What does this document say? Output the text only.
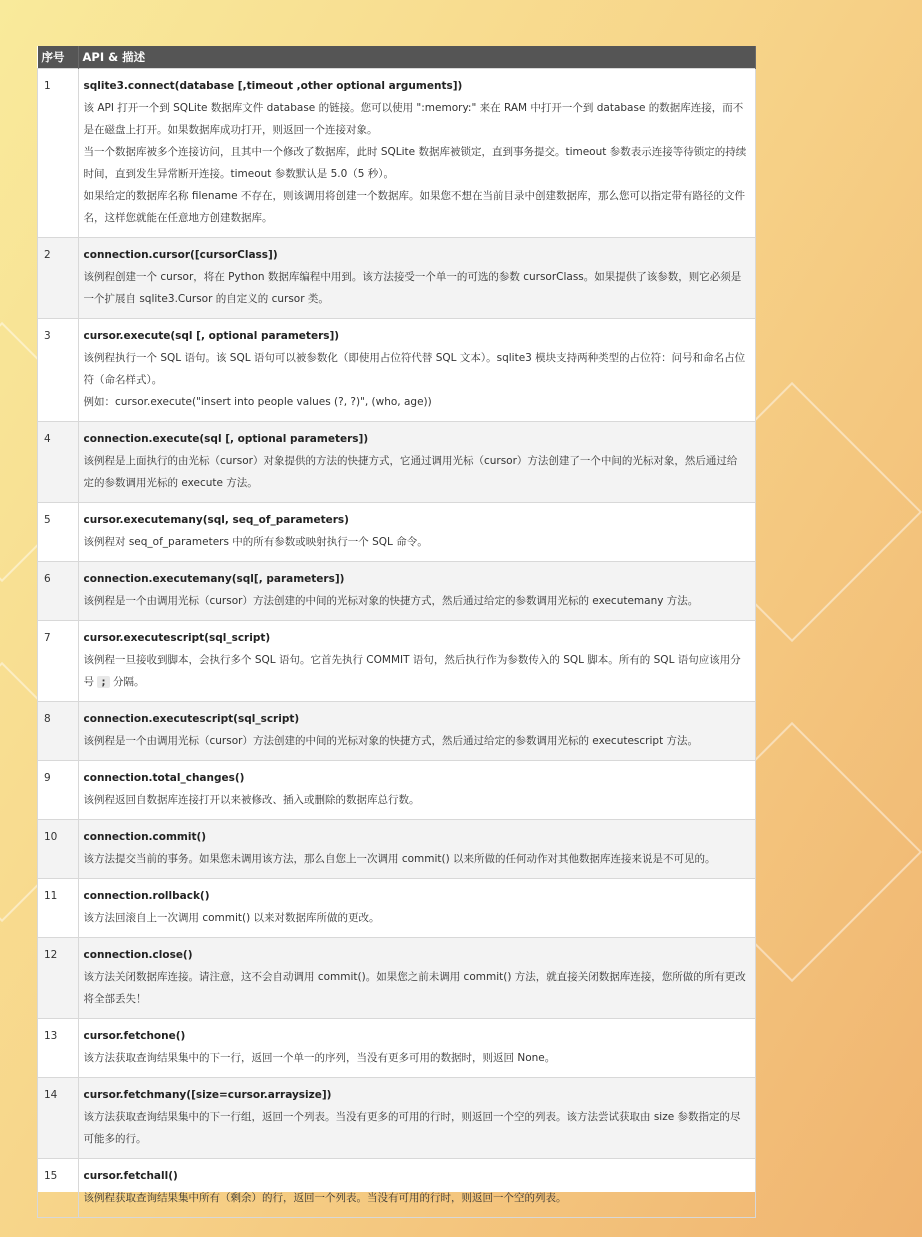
序号	API & 描述
1	sqlite3.connect(database [,timeout ,other optional arguments])
该 API 打开一个到 SQLite 数据库文件 database 的链接。您可以使用 ":memory:" 来在 RAM 中打开一个到 database 的数据库连接，而不是在磁盘上打开。如果数据库成功打开，则返回一个连接对象。
当一个数据库被多个连接访问，且其中一个修改了数据库，此时 SQLite 数据库被锁定，直到事务提交。timeout 参数表示连接等待锁定的持续时间，直到发生异常断开连接。timeout 参数默认是 5.0（5 秒）。
如果给定的数据库名称 filename 不存在，则该调用将创建一个数据库。如果您不想在当前目录中创建数据库，那么您可以指定带有路径的文件名，这样您就能在任意地方创建数据库。

2	connection.cursor([cursorClass])
该例程创建一个 cursor，将在 Python 数据库编程中用到。该方法接受一个单一的可选的参数 cursorClass。如果提供了该参数，则它必须是一个扩展自 sqlite3.Cursor 的自定义的 cursor 类。

3	cursor.execute(sql [, optional parameters])
该例程执行一个 SQL 语句。该 SQL 语句可以被参数化（即使用占位符代替 SQL 文本）。sqlite3 模块支持两种类型的占位符：问号和命名占位符（命名样式）。
例如：cursor.execute("insert into people values (?, ?)", (who, age))

4	connection.execute(sql [, optional parameters])
该例程是上面执行的由光标（cursor）对象提供的方法的快捷方式，它通过调用光标（cursor）方法创建了一个中间的光标对象，然后通过给定的参数调用光标的 execute 方法。

5	cursor.executemany(sql, seq_of_parameters)
该例程对 seq_of_parameters 中的所有参数或映射执行一个 SQL 命令。

6	connection.executemany(sql[, parameters])
该例程是一个由调用光标（cursor）方法创建的中间的光标对象的快捷方式，然后通过给定的参数调用光标的 executemany 方法。

7	cursor.executescript(sql_script)
该例程一旦接收到脚本，会执行多个 SQL 语句。它首先执行 COMMIT 语句，然后执行作为参数传入的 SQL 脚本。所有的 SQL 语句应该用分号 ; 分隔。

8	connection.executescript(sql_script)
该例程是一个由调用光标（cursor）方法创建的中间的光标对象的快捷方式，然后通过给定的参数调用光标的 executescript 方法。

9	connection.total_changes()
该例程返回自数据库连接打开以来被修改、插入或删除的数据库总行数。

10	connection.commit()
该方法提交当前的事务。如果您未调用该方法，那么自您上一次调用 commit() 以来所做的任何动作对其他数据库连接来说是不可见的。

11	connection.rollback()
该方法回滚自上一次调用 commit() 以来对数据库所做的更改。

12	connection.close()
该方法关闭数据库连接。请注意，这不会自动调用 commit()。如果您之前未调用 commit() 方法，就直接关闭数据库连接，您所做的所有更改将全部丢失！

13	cursor.fetchone()
该方法获取查询结果集中的下一行，返回一个单一的序列，当没有更多可用的数据时，则返回 None。

14	cursor.fetchmany([size=cursor.arraysize])
该方法获取查询结果集中的下一行组，返回一个列表。当没有更多的可用的行时，则返回一个空的列表。该方法尝试获取由 size 参数指定的尽可能多的行。

15	cursor.fetchall()
该例程获取查询结果集中所有（剩余）的行，返回一个列表。当没有可用的行时，则返回一个空的列表。
